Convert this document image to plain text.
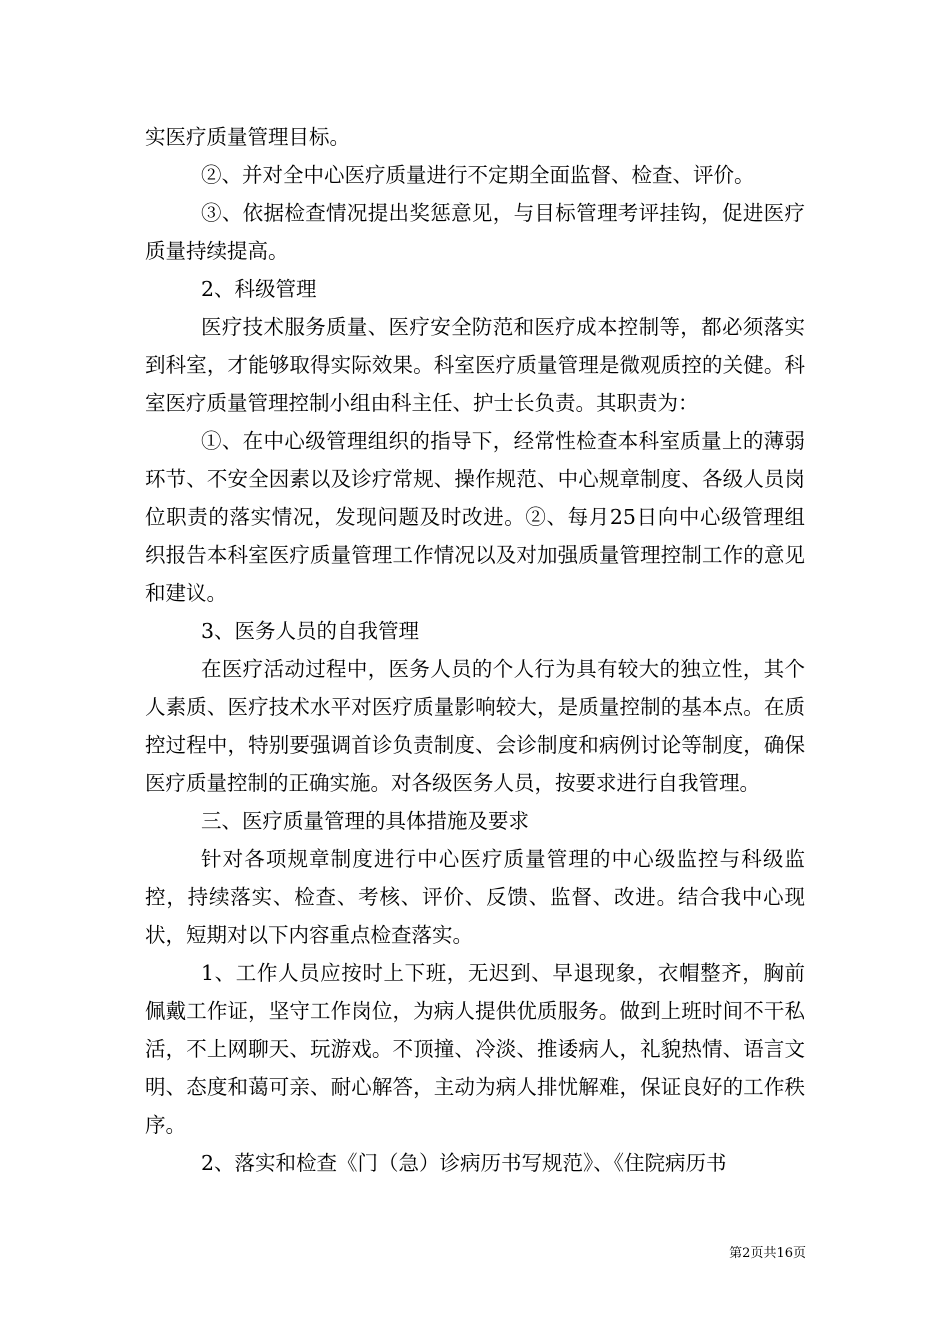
实医疗质量管理目标。

②、并对全中心医疗质量进行不定期全面监督、检查、评价。

③、依据检查情况提出奖惩意见，与目标管理考评挂钩，促进医疗质量持续提高。

2、科级管理

医疗技术服务质量、医疗安全防范和医疗成本控制等，都必须落实到科室，才能够取得实际效果。科室医疗质量管理是微观质控的关健。科室医疗质量管理控制小组由科主任、护士长负责。其职责为：

①、在中心级管理组织的指导下，经常性检查本科室质量上的薄弱环节、不安全因素以及诊疗常规、操作规范、中心规章制度、各级人员岗位职责的落实情况，发现问题及时改进。②、每月25日向中心级管理组织报告本科室医疗质量管理工作情况以及对加强质量管理控制工作的意见和建议。

3、医务人员的自我管理

在医疗活动过程中，医务人员的个人行为具有较大的独立性，其个人素质、医疗技术水平对医疗质量影响较大，是质量控制的基本点。在质控过程中，特别要强调首诊负责制度、会诊制度和病例讨论等制度，确保医疗质量控制的正确实施。对各级医务人员，按要求进行自我管理。

三、医疗质量管理的具体措施及要求

针对各项规章制度进行中心医疗质量管理的中心级监控与科级监控，持续落实、检查、考核、评价、反馈、监督、改进。结合我中心现状，短期对以下内容重点检查落实。

1、工作人员应按时上下班，无迟到、早退现象，衣帽整齐，胸前佩戴工作证，坚守工作岗位，为病人提供优质服务。做到上班时间不干私活，不上网聊天、玩游戏。不顶撞、冷淡、推诿病人，礼貌热情、语言文明、态度和蔼可亲、耐心解答，主动为病人排忧解难，保证良好的工作秩序。

2、落实和检查《门（急）诊病历书写规范》、《住院病历书

第2页共16页
